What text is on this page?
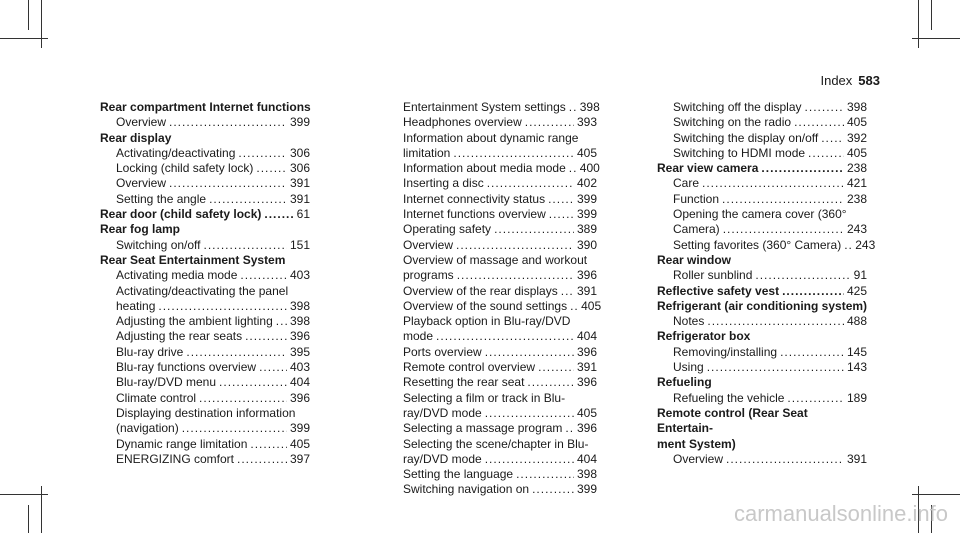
Index 583
Rear compartment Internet functions
Overview .....	399
Rear display
Activating/deactivating .....	306
Locking (child safety lock) .....	306
Overview .....	391
Setting the angle .....	391
Rear door (child safety lock) .....	61
Rear fog lamp
Switching on/off .....	151
Rear Seat Entertainment System
Activating media mode .....	403
Activating/deactivating the panel
heating .....	398
Adjusting the ambient lighting ..... 398
Adjusting the rear seats .....	396
Blu-ray drive .....	395
Blu-ray functions overview .....	403
Blu-ray/DVD menu .....	404
Climate control .....	396
Displaying destination information
(navigation) .....	399
Dynamic range limitation .....	405
ENERGIZING comfort .....	397
Entertainment System settings ..... 398
Headphones overview .....	393
Information about dynamic range
limitation .....	405
Information about media mode ..... 400
Inserting a disc .....	402
Internet connectivity status .....	399
Internet functions overview .....	399
Operating safety .....	389
Overview .....	390
Overview of massage and workout
programs .....	396
Overview of the rear displays ..... 391
Overview of the sound settings ..... 405
Playback option in Blu-ray/DVD
mode .....	404
Ports overview .....	396
Remote control overview .....	391
Resetting the rear seat .....	396
Selecting a film or track in Blu-
ray/DVD mode .....	405
Selecting a massage program ..... 396
Selecting the scene/chapter in Blu-
ray/DVD mode .....	404
Setting the language .....	398
Switching navigation on .....	399
Switching off the display .....	398
Switching on the radio .....	405
Switching the display on/off ..... 392
Switching to HDMI mode .....	405
Rear view camera .....	238
Care .....	421
Function .....	238
Opening the camera cover (360°
Camera) .....	243
Setting favorites (360° Camera) ..... 243
Rear window
Roller sunblind .....	91
Reflective safety vest .....	425
Refrigerant (air conditioning system)
Notes .....	488
Refrigerator box
Removing/installing .....	145
Using .....	143
Refueling
Refueling the vehicle .....	189
Remote control (Rear Seat Entertain-
ment System)
Overview .....	391
carmanualsonline.info
